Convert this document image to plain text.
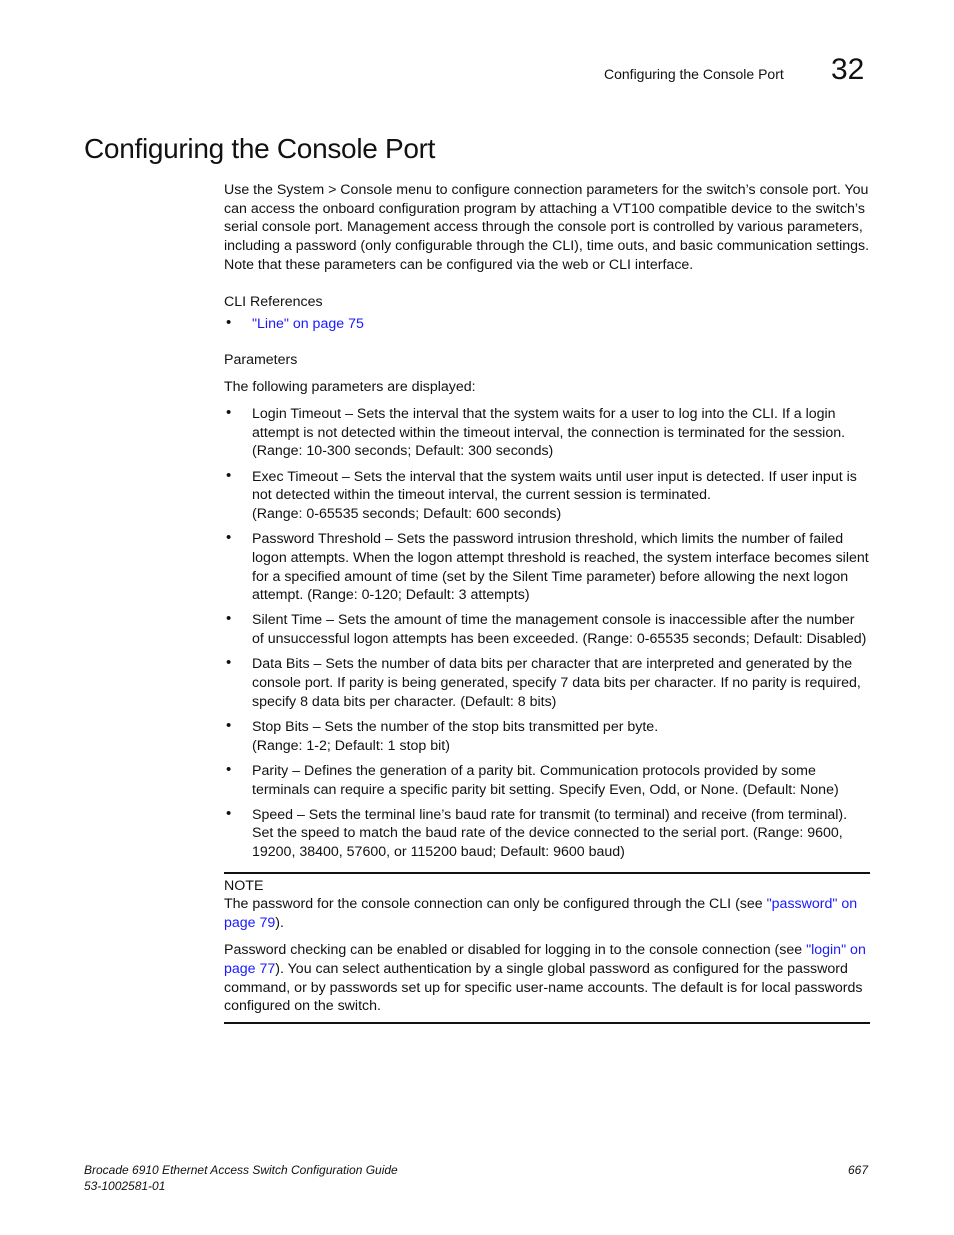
Configuring the Console Port 32
Configuring the Console Port

Use the System > Console menu to configure connection parameters for the switch’s console port. You can access the onboard configuration program by attaching a VT100 compatible device to the switch’s serial console port. Management access through the console port is controlled by various parameters, including a password (only configurable through the CLI), time outs, and basic communication settings. Note that these parameters can be configured via the web or CLI interface.

CLI References

• "Line" on page 75

Parameters

The following parameters are displayed:

• Login Timeout – Sets the interval that the system waits for a user to log into the CLI. If a login attempt is not detected within the timeout interval, the connection is terminated for the session. (Range: 10-300 seconds; Default: 300 seconds)
• Exec Timeout – Sets the interval that the system waits until user input is detected. If user input is not detected within the timeout interval, the current session is terminated.
(Range: 0-65535 seconds; Default: 600 seconds)
• Password Threshold – Sets the password intrusion threshold, which limits the number of failed logon attempts. When the logon attempt threshold is reached, the system interface becomes silent for a specified amount of time (set by the Silent Time parameter) before allowing the next logon attempt. (Range: 0-120; Default: 3 attempts)
• Silent Time – Sets the amount of time the management console is inaccessible after the number of unsuccessful logon attempts has been exceeded. (Range: 0-65535 seconds; Default: Disabled)
• Data Bits – Sets the number of data bits per character that are interpreted and generated by the console port. If parity is being generated, specify 7 data bits per character. If no parity is required, specify 8 data bits per character. (Default: 8 bits)
• Stop Bits – Sets the number of the stop bits transmitted per byte.
(Range: 1-2; Default: 1 stop bit)
• Parity – Defines the generation of a parity bit. Communication protocols provided by some terminals can require a specific parity bit setting. Specify Even, Odd, or None. (Default: None)
• Speed – Sets the terminal line’s baud rate for transmit (to terminal) and receive (from terminal). Set the speed to match the baud rate of the device connected to the serial port. (Range: 9600, 19200, 38400, 57600, or 115200 baud; Default: 9600 baud)

NOTE

The password for the console connection can only be configured through the CLI (see "password" on page 79).

Password checking can be enabled or disabled for logging in to the console connection (see "login" on page 77). You can select authentication by a single global password as configured for the password command, or by passwords set up for specific user-name accounts. The default is for local passwords configured on the switch.

Brocade 6910 Ethernet Access Switch Configuration Guide
53-1002581-01
667
